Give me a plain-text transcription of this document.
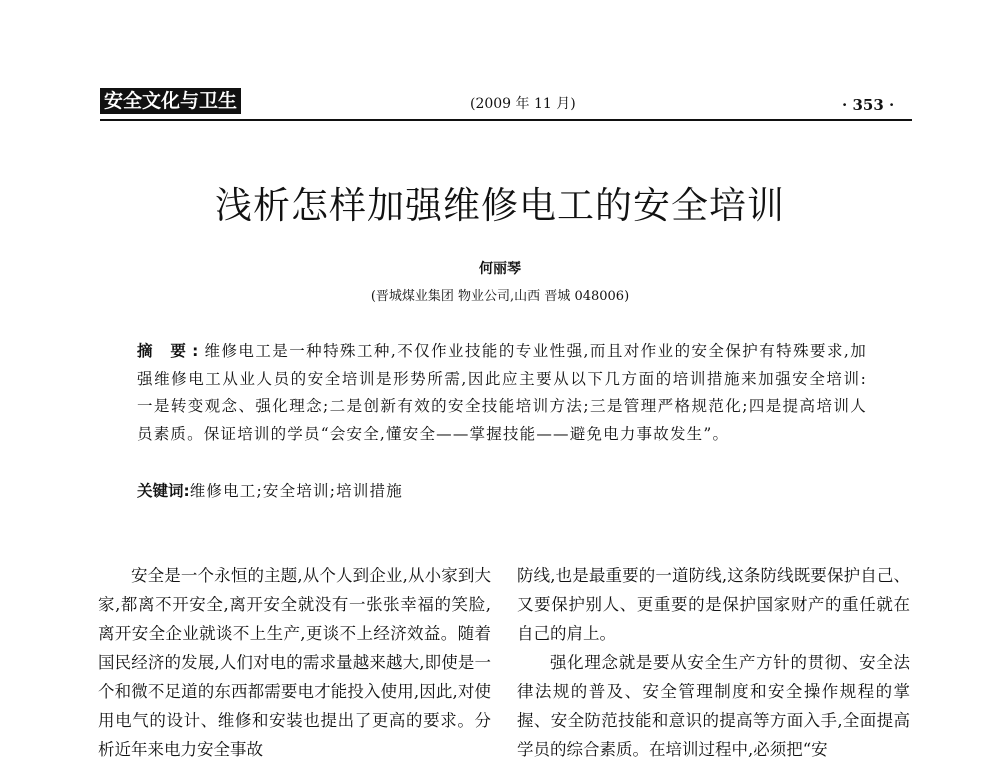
安全文化与卫生	(2009 年 11 月)	· 353 ·
浅析怎样加强维修电工的安全培训
何丽琴
(晋城煤业集团 物业公司,山西 晋城 048006)
摘 要:维修电工是一种特殊工种,不仅作业技能的专业性强,而且对作业的安全保护有特殊要求,加强维修电工从业人员的安全培训是形势所需,因此应主要从以下几方面的培训措施来加强安全培训:一是转变观念、强化理念;二是创新有效的安全技能培训方法;三是管理严格规范化;四是提高培训人员素质。保证培训的学员“会安全,懂安全——掌握技能——避免电力事故发生”。
关键词:维修电工;安全培训;培训措施

安全是一个永恒的主题,从个人到企业,从小家到大家,都离不开安全,离开安全就没有一张张幸福的笑脸,离开安全企业就谈不上生产,更谈不上经济效益。随着国民经济的发展,人们对电的需求量越来越大,即使是一个和微不足道的东西都需要电才能投入使用,因此,对使用电气的设计、维修和安装也提出了更高的要求。分析近年来电力安全事故

防线,也是最重要的一道防线,这条防线既要保护自己、又要保护别人、更重要的是保护国家财产的重任就在自己的肩上。

强化理念就是要从安全生产方针的贯彻、安全法律法规的普及、安全管理制度和安全操作规程的掌握、安全防范技能和意识的提高等方面入手,全面提高学员的综合素质。在培训过程中,必须把“安
